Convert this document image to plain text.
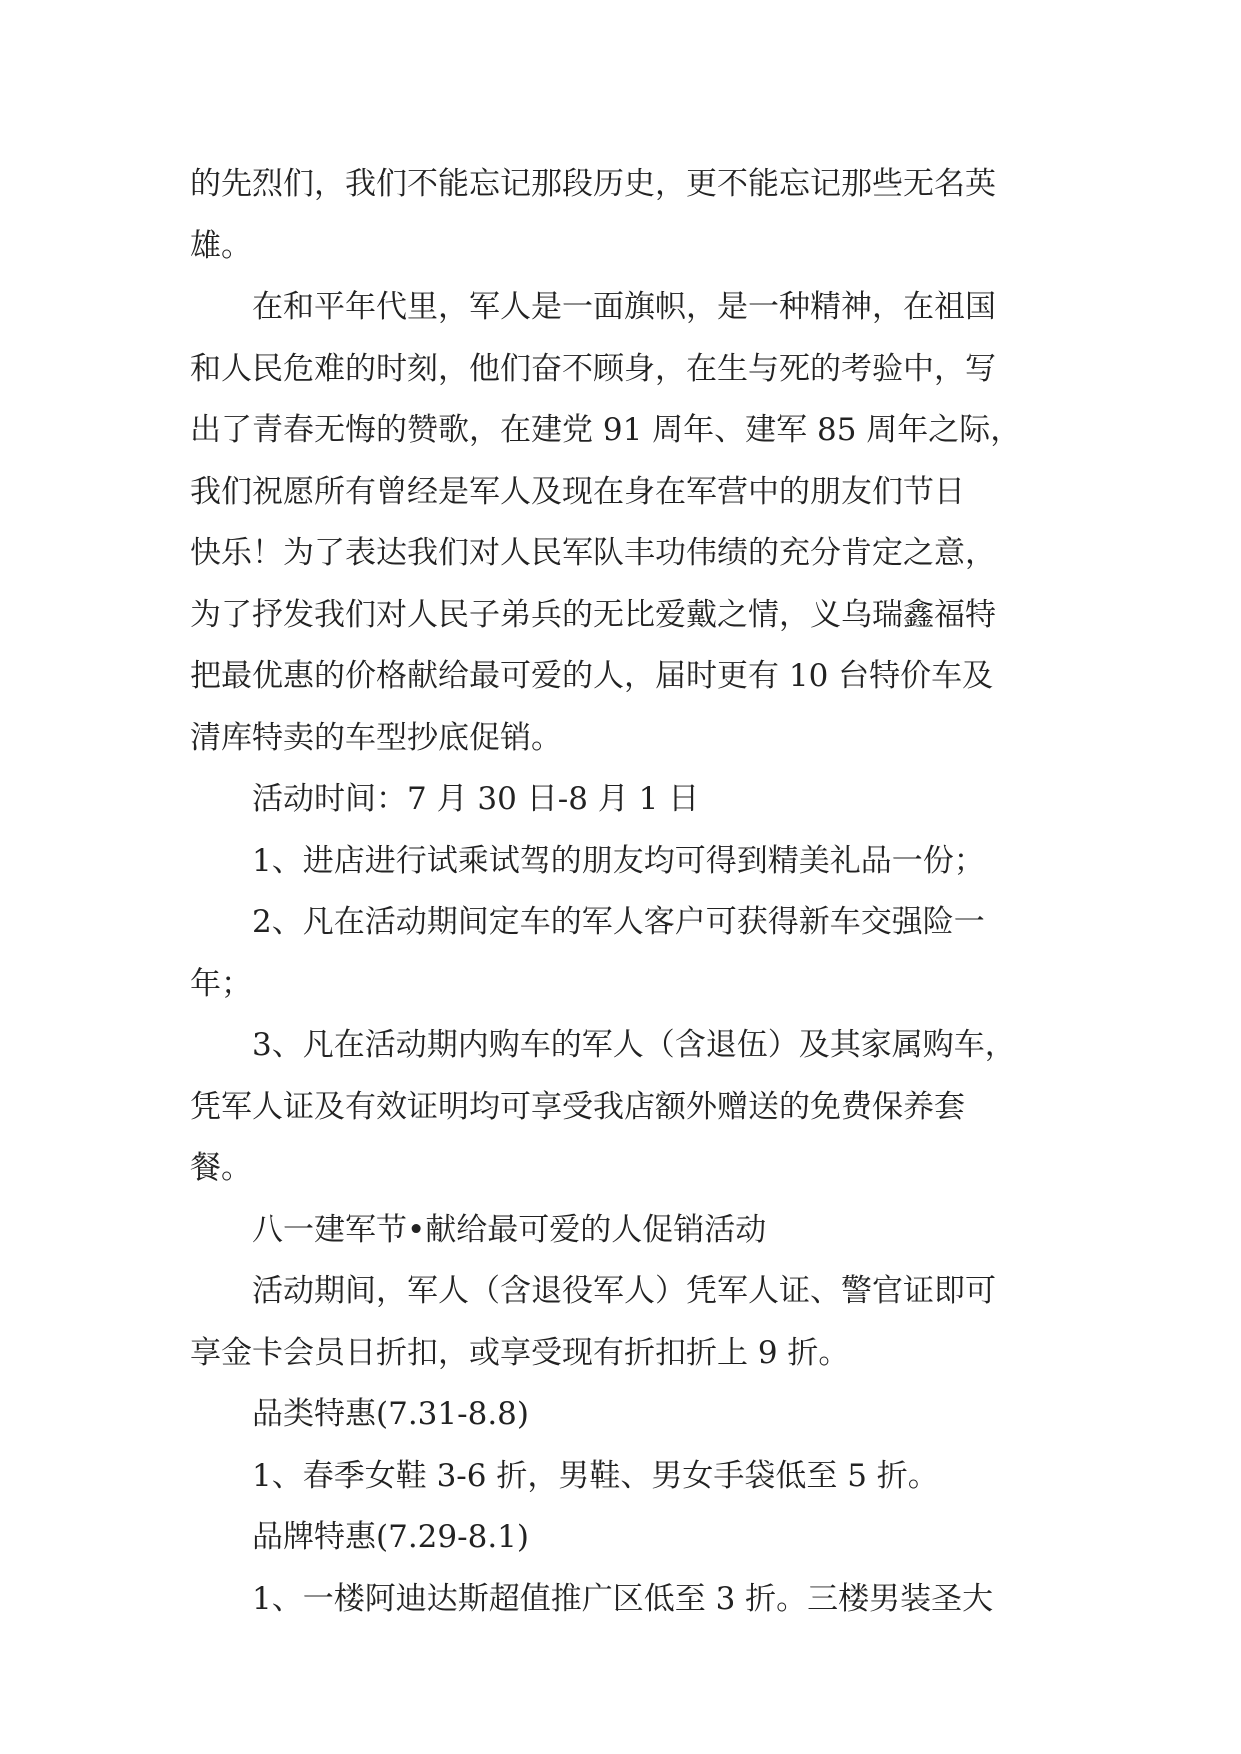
的先烈们，我们不能忘记那段历史，更不能忘记那些无名英

雄。

在和平年代里，军人是一面旗帜，是一种精神，在祖国

和人民危难的时刻，他们奋不顾身，在生与死的考验中，写

出了青春无悔的赞歌，在建党 91 周年、建军 85 周年之际，

我们祝愿所有曾经是军人及现在身在军营中的朋友们节日

快乐！为了表达我们对人民军队丰功伟绩的充分肯定之意，

为了抒发我们对人民子弟兵的无比爱戴之情，义乌瑞鑫福特

把最优惠的价格献给最可爱的人，届时更有 10 台特价车及

清库特卖的车型抄底促销。

活动时间：7 月 30 日-8 月 1 日

1、进店进行试乘试驾的朋友均可得到精美礼品一份；

2、凡在活动期间定车的军人客户可获得新车交强险一

年；

3、凡在活动期内购车的军人（含退伍）及其家属购车，

凭军人证及有效证明均可享受我店额外赠送的免费保养套

餐。

八一建军节•献给最可爱的人促销活动

活动期间，军人（含退役军人）凭军人证、警官证即可

享金卡会员日折扣，或享受现有折扣折上 9 折。

品类特惠(7.31-8.8)

1、春季女鞋 3-6 折，男鞋、男女手袋低至 5 折。

品牌特惠(7.29-8.1)

1、一楼阿迪达斯超值推广区低至 3 折。三楼男装圣大
